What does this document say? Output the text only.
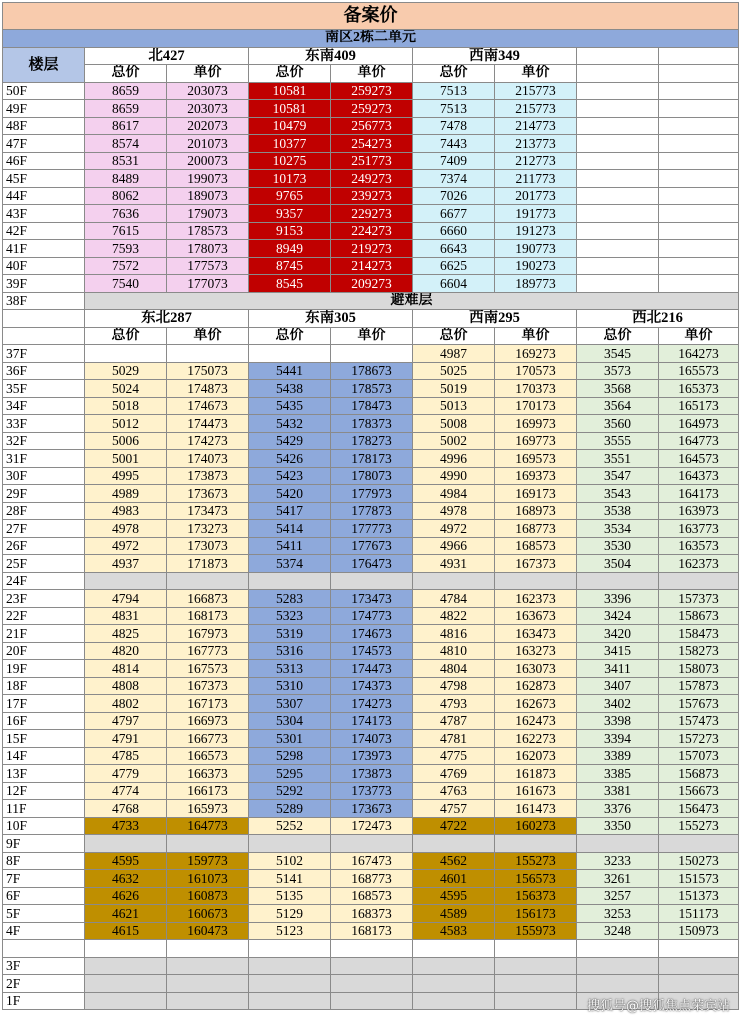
备案价								
南区2栋二单元								
楼层	北427		东南409		西南349			
	总价	单价	总价	单价	总价	单价		
50F	8659	203073	10581	259273	7513	215773		
49F	8659	203073	10581	259273	7513	215773		
48F	8617	202073	10479	256773	7478	214773		
47F	8574	201073	10377	254273	7443	213773		
46F	8531	200073	10275	251773	7409	212773		
45F	8489	199073	10173	249273	7374	211773		
44F	8062	189073	9765	239273	7026	201773		
43F	7636	179073	9357	229273	6677	191773		
42F	7615	178573	9153	224273	6660	191273		
41F	7593	178073	8949	219273	6643	190773		
40F	7572	177573	8745	214273	6625	190273		
39F	7540	177073	8545	209273	6604	189773		
38F	避难层							
	东北287		东南305		西南295		西北216	
	总价	单价	总价	单价	总价	单价	总价	单价
37F					4987	169273	3545	164273
36F	5029	175073	5441	178673	5025	170573	3573	165573
35F	5024	174873	5438	178573	5019	170373	3568	165373
34F	5018	174673	5435	178473	5013	170173	3564	165173
33F	5012	174473	5432	178373	5008	169973	3560	164973
32F	5006	174273	5429	178273	5002	169773	3555	164773
31F	5001	174073	5426	178173	4996	169573	3551	164573
30F	4995	173873	5423	178073	4990	169373	3547	164373
29F	4989	173673	5420	177973	4984	169173	3543	164173
28F	4983	173473	5417	177873	4978	168973	3538	163973
27F	4978	173273	5414	177773	4972	168773	3534	163773
26F	4972	173073	5411	177673	4966	168573	3530	163573
25F	4937	171873	5374	176473	4931	167373	3504	162373
24F								
23F	4794	166873	5283	173473	4784	162373	3396	157373
22F	4831	168173	5323	174773	4822	163673	3424	158673
21F	4825	167973	5319	174673	4816	163473	3420	158473
20F	4820	167773	5316	174573	4810	163273	3415	158273
19F	4814	167573	5313	174473	4804	163073	3411	158073
18F	4808	167373	5310	174373	4798	162873	3407	157873
17F	4802	167173	5307	174273	4793	162673	3402	157673
16F	4797	166973	5304	174173	4787	162473	3398	157473
15F	4791	166773	5301	174073	4781	162273	3394	157273
14F	4785	166573	5298	173973	4775	162073	3389	157073
13F	4779	166373	5295	173873	4769	161873	3385	156873
12F	4774	166173	5292	173773	4763	161673	3381	156673
11F	4768	165973	5289	173673	4757	161473	3376	156473
10F	4733	164773	5252	172473	4722	160273	3350	155273
9F								
8F	4595	159773	5102	167473	4562	155273	3233	150273
7F	4632	161073	5141	168773	4601	156573	3261	151573
6F	4626	160873	5135	168573	4595	156373	3257	151373
5F	4621	160673	5129	168373	4589	156173	3253	151173
4F	4615	160473	5123	168173	4583	155973	3248	150973

3F								
2F								
1F									搜狐号@搜狐焦点荣宾站
